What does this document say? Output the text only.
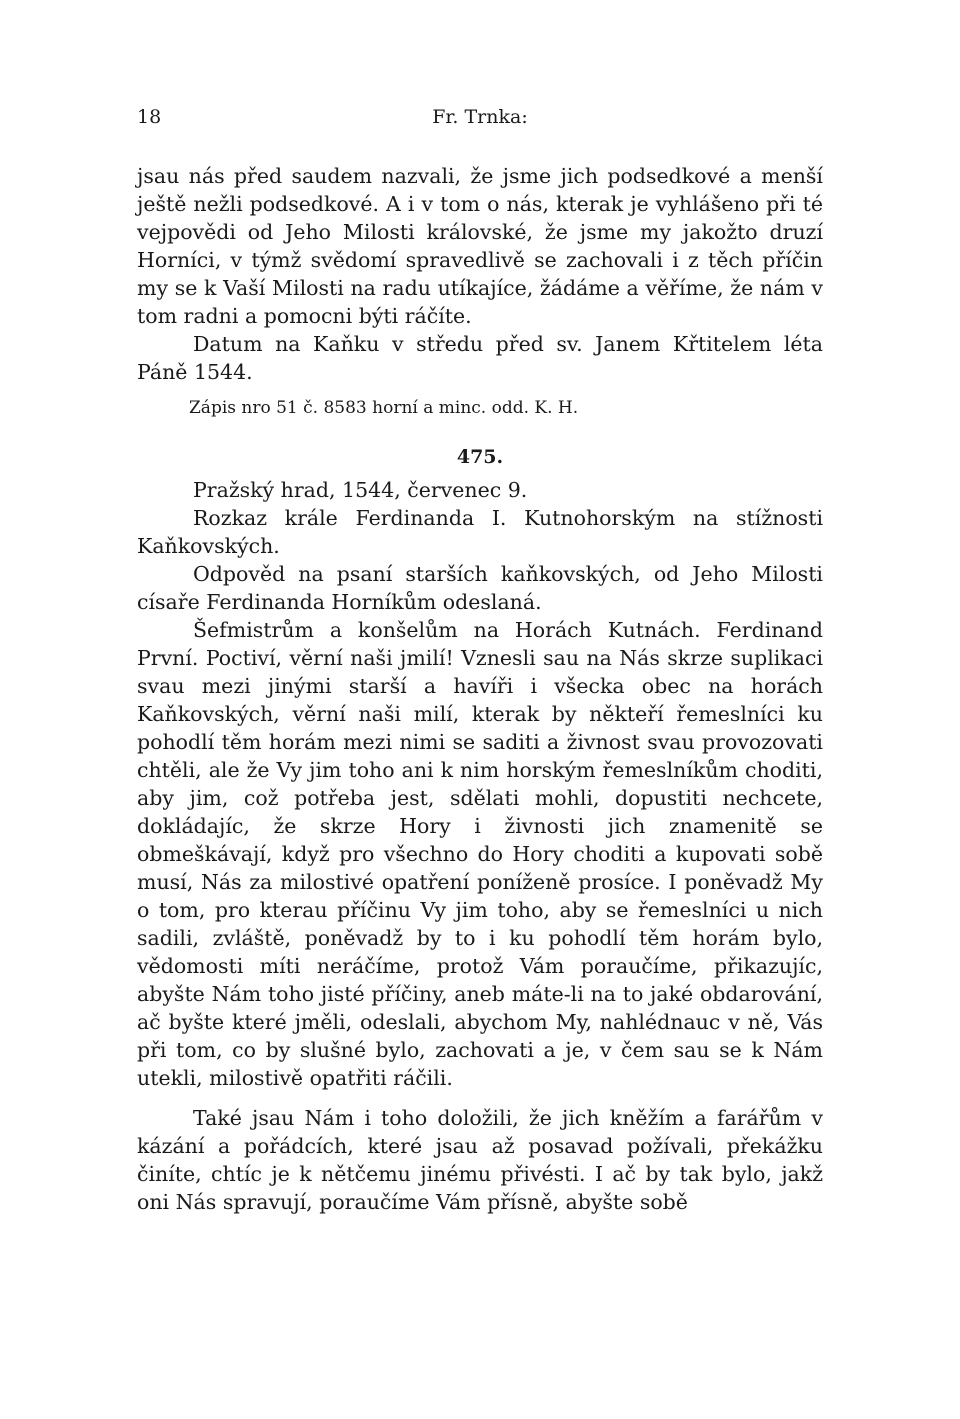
18	Fr. Trnka:

jsau nás před saudem nazvali, že jsme jich podsedkové a menší ještě nežli podsedkové. A i v tom o nás, kterak je vyhlášeno při té vejpovědi od Jeho Milosti královské, že jsme my jakožto druzí Horníci, v týmž svědomí spravedlivě se zachovali i z těch příčin my se k Vaší Milosti na radu utíkajíce, žádáme a věříme, že nám v tom radni a pomocni býti ráčíte.

Datum na Kaňku v středu před sv. Janem Křtitelem léta Páně 1544.

Zápis nro 51 č. 8583 horní a minc. odd. K. H.

475.

Pražský hrad, 1544, červenec 9.

Rozkaz krále Ferdinanda I. Kutnohorským na stížnosti Kaňkovských.

Odpověd na psaní starších kaňkovských, od Jeho Milosti císaře Ferdinanda Horníkům odeslaná.

Šefmistrům a konšelům na Horách Kutnách. Ferdinand První. Poctiví, věrní naši jmilí! Vznesli sau na Nás skrze suplikaci svau mezi jinými starší a havíři i všecka obec na horách Kaňkovských, věrní naši milí, kterak by někteří řemeslníci ku pohodlí těm horám mezi nimi se saditi a živnost svau provozovati chtěli, ale že Vy jim toho ani k nim horským řemeslníkům choditi, aby jim, což potřeba jest, sdělati mohli, dopustiti nechcete, dokládajíc, že skrze Hory i živnosti jich znamenitě se obmeškávají, když pro všechno do Hory choditi a kupovati sobě musí, Nás za milostivé opatření poníženě prosíce. I poněvadž My o tom, pro kterau příčinu Vy jim toho, aby se řemeslníci u nich sadili, zvláště, poněvadž by to i ku pohodlí těm horám bylo, vědomosti míti neráčíme, protož Vám poraučíme, přikazujíc, abyšte Nám toho jisté příčiny, aneb máte-li na to jaké obdarování, ač byšte které jměli, odeslali, abychom My, nahlédnauc v ně, Vás při tom, co by slušné bylo, zachovati a je, v čem sau se k Nám utekli, milostivě opatřiti ráčili.

Také jsau Nám i toho doložili, že jich kněžím a farářům v kázání a pořádcích, které jsau až posavad požívali, překážku činíte, chtíc je k nětčemu jinému přivésti. I ač by tak bylo, jakž oni Nás spravují, poraučíme Vám přísně, abyšte sobě
